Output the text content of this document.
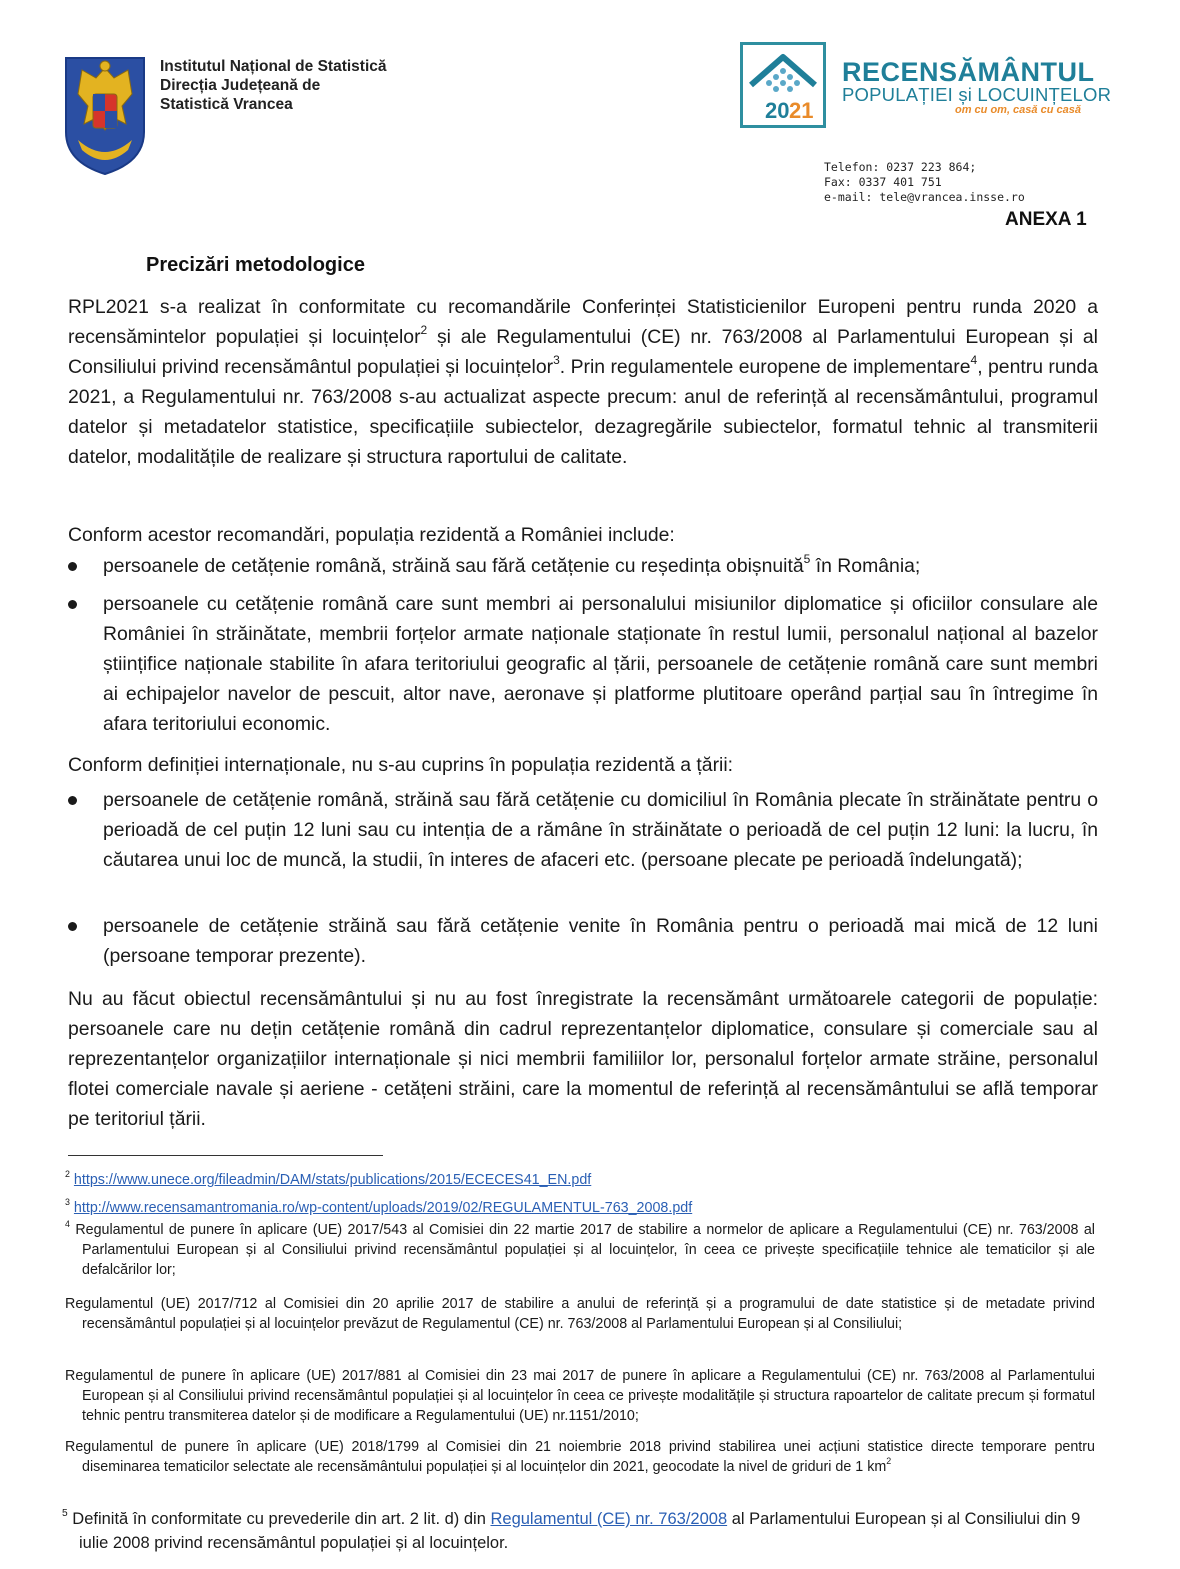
Institutul Național de Statistică
Direcția Județeană de
Statistică Vrancea	20 21
RECENSĂMÂNTUL
POPULAȚIEI și LOCUINȚELOR
om cu om, casă cu casă
Telefon: 0237 223 864;
Fax: 0337 401 751
e-mail: tele@vrancea.insse.ro
ANEXA 1
Precizări metodologice
RPL2021 s-a realizat în conformitate cu recomandările Conferinței Statisticienilor Europeni pentru runda 2020 a recensămintelor populației și locuințelor$^2$ și ale Regulamentului (CE) nr. 763/2008 al Parlamentului European și al Consiliului privind recensământul populației și locuințelor$^3$. Prin regulamentele europene de implementare$^4$, pentru runda 2021, a Regulamentului nr. 763/2008 s-au actualizat aspecte precum: anul de referință al recensământului, programul datelor și metadatelor statistice, specificațiile subiectelor, dezagregările subiectelor, formatul tehnic al transmiterii datelor, modalitățile de realizare și structura raportului de calitate.
Conform acestor recomandări, populația rezidentă a României include:
persoanele de cetățenie română, străină sau fără cetățenie cu reședința obișnuită$^5$ în România;
persoanele cu cetățenie română care sunt membri ai personalului misiunilor diplomatice și oficiilor consulare ale României în străinătate, membrii forțelor armate naționale staționate în restul lumii, personalul național al bazelor științifice naționale stabilite în afara teritoriului geografic al țării, persoanele de cetățenie română care sunt membri ai echipajelor navelor de pescuit, altor nave, aeronave și platforme plutitoare operând parțial sau în întregime în afara teritoriului economic.
Conform definiției internaționale, nu s-au cuprins în populația rezidentă a țării:
persoanele de cetățenie română, străină sau fără cetățenie cu domiciliul în România plecate în străinătate pentru o perioadă de cel puțin 12 luni sau cu intenția de a rămâne în străinătate o perioadă de cel puțin 12 luni: la lucru, în căutarea unui loc de muncă, la studii, în interes de afaceri etc. (persoane plecate pe perioadă îndelungată);
persoanele de cetățenie străină sau fără cetățenie venite în România pentru o perioadă mai mică de 12 luni (persoane temporar prezente).
Nu au făcut obiectul recensământului și nu au fost înregistrate la recensământ următoarele categorii de populație: persoanele care nu dețin cetățenie română din cadrul reprezentanțelor diplomatice, consulare și comerciale sau al reprezentanțelor organizațiilor internaționale și nici membrii familiilor lor, personalul forțelor armate străine, personalul flotei comerciale navale și aeriene - cetățeni străini, care la momentul de referință al recensământului se află temporar pe teritoriul țării.
$^2$ https://www.unece.org/fileadmin/DAM/stats/publications/2015/ECECES41_EN.pdf
$^3$ http://www.recensamantromania.ro/wp-content/uploads/2019/02/REGULAMENTUL-763_2008.pdf
$^4$ Regulamentul de punere în aplicare (UE) 2017/543 al Comisiei din 22 martie 2017 de stabilire a normelor de aplicare a Regulamentului (CE) nr. 763/2008 al Parlamentului European și al Consiliului privind recensământul populației și al locuințelor, în ceea ce privește specificațiile tehnice ale tematicilor și ale defalcărilor lor;
Regulamentul (UE) 2017/712 al Comisiei din 20 aprilie 2017 de stabilire a anului de referință și a programului de date statistice și de metadate privind recensământul populației și al locuințelor prevăzut de Regulamentul (CE) nr. 763/2008 al Parlamentului European și al Consiliului;
Regulamentul de punere în aplicare (UE) 2017/881 al Comisiei din 23 mai 2017 de punere în aplicare a Regulamentului (CE) nr. 763/2008 al Parlamentului European și al Consiliului privind recensământul populației și al locuințelor în ceea ce privește modalitățile și structura rapoartelor de calitate precum și formatul tehnic pentru transmiterea datelor și de modificare a Regulamentului (UE) nr.1151/2010;
Regulamentul de punere în aplicare (UE) 2018/1799 al Comisiei din 21 noiembrie 2018 privind stabilirea unei acțiuni statistice directe temporare pentru diseminarea tematicilor selectate ale recensământului populației și al locuințelor din 2021, geocodate la nivel de griduri de 1 $km^2$
$^5$ Definită în conformitate cu prevederile din art. 2 lit. d) din Regulamentul (CE) nr. 763/2008 al Parlamentului European și al Consiliului din 9 iulie 2008 privind recensământul populației și al locuințelor.
